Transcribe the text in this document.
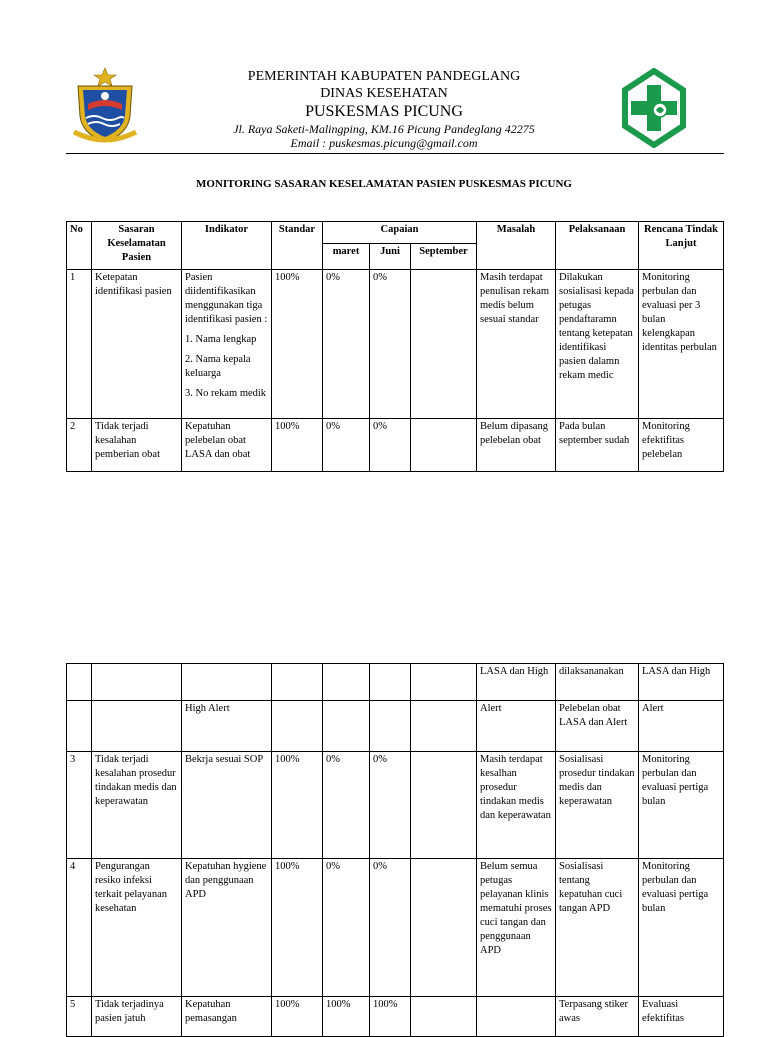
PEMERINTAH KABUPATEN PANDEGLANG
DINAS KESEHATAN
PUSKESMAS PICUNG
Jl. Raya Saketi-Malingping, KM.16 Picung Pandeglang 42275
Email : puskesmas.picung@gmail.com
MONITORING SASARAN KESELAMATAN PASIEN PUSKESMAS PICUNG
No	Sasaran Keselamatan Pasien	Indikator	Standar	Capaian			Masalah	Pelaksanaan	Rencana Tindak Lanjut
				maret	Juni	September			
1	Ketepatan identifikasi pasien	Pasien diidentifikasikan menggunakan tiga identifikasi pasien :

1. Nama lengkap

2. Nama kepala keluarga

3. No rekam medik	100%	0%	0%		Masih terdapat penulisan rekam medis belum sesuai standar	Dilakukan sosialisasi kepada petugas pendaftaramn tentang ketepatan identifikasi pasien dalamn rekam medic	Monitoring perbulan dan evaluasi per 3 bulan kelengkapan identitas perbulan
2	Tidak terjadi kesalahan pemberian obat	Kepatuhan pelebelan obat LASA dan obat	100%	0%	0%		Belum dipasang pelebelan obat	Pada bulan september sudah	Monitoring efektifitas pelebelan
							LASA dan High	dilaksananakan	LASA dan High
		High Alert					Alert	Pelebelan obat LASA dan Alert	Alert
3	Tidak terjadi kesalahan prosedur tindakan medis dan keperawatan	Bekrja sesuai SOP	100%	0%	0%		Masih terdapat kesalhan prosedur tindakan medis dan keperawatan	Sosialisasi prosedur tindakan medis dan keperawatan	Monitoring perbulan dan evaluasi pertiga bulan
4	Pengurangan resiko infeksi terkait pelayanan kesehatan	Kepatuhan hygiene dan penggunaan APD	100%	0%	0%		Belum semua petugas pelayanan klinis mematuhi proses cuci tangan dan penggunaan APD	Sosialisasi tentang kepatuhan cuci tangan APD	Monitoring perbulan dan evaluasi pertiga bulan
5	Tidak terjadinya pasien jatuh	Kepatuhan pemasangan	100%	100%	100%			Terpasang stiker awas	Evaluasi efektifitas
